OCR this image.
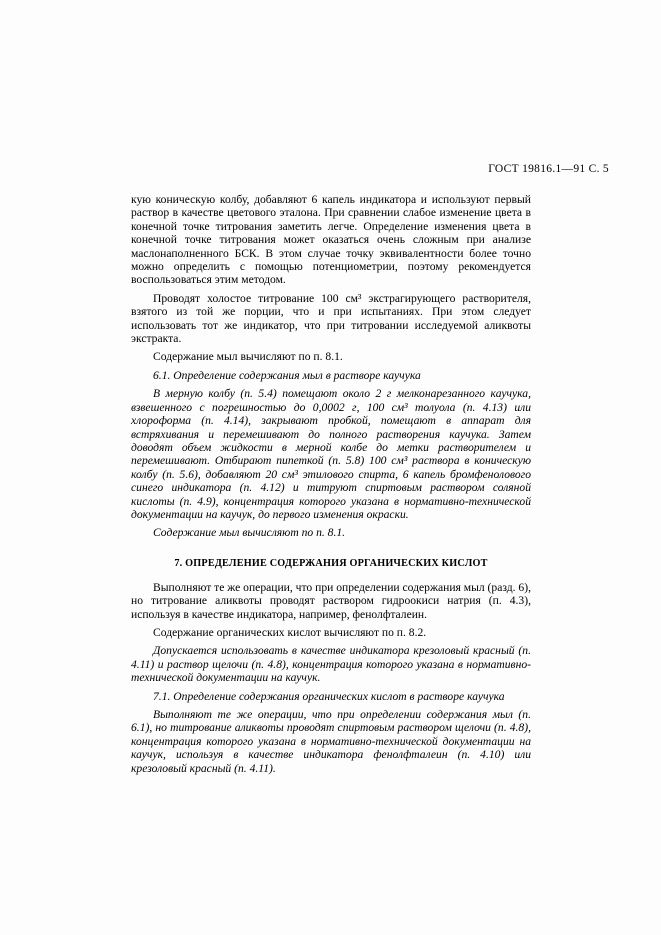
ГОСТ 19816.1—91 С. 5

кую коническую колбу, добавляют 6 капель индикатора и используют первый раствор в качестве цветового эталона. При сравнении слабое изменение цвета в конечной точке титрования заметить легче. Определение изменения цвета в конечной точке титрования может оказаться очень сложным при анализе маслонаполненного БСК. В этом случае точку эквивалентности более точно можно определить с помощью потенциометрии, поэтому рекомендуется воспользоваться этим методом.

Проводят холостое титрование 100 см³ экстрагирующего растворителя, взятого из той же порции, что и при испытаниях. При этом следует использовать тот же индикатор, что при титровании исследуемой аликвоты экстракта.

Содержание мыл вычисляют по п. 8.1.

6.1. Определение содержания мыл в растворе каучука

В мерную колбу (п. 5.4) помещают около 2 г мелконарезанного каучука, взвешенного с погрешностью до 0,0002 г, 100 см³ толуола (п. 4.13) или хлороформа (п. 4.14), закрывают пробкой, помещают в аппарат для встряхивания и перемешивают до полного растворения каучука. Затем доводят объем жидкости в мерной колбе до метки растворителем и перемешивают. Отбирают пипеткой (п. 5.8) 100 см³ раствора в коническую колбу (п. 5.6), добавляют 20 см³ этилового спирта, 6 капель бромфенолового синего индикатора (п. 4.12) и титруют спиртовым раствором соляной кислоты (п. 4.9), концентрация которого указана в нормативно-технической документации на каучук, до первого изменения окраски.

Содержание мыл вычисляют по п. 8.1.

7. ОПРЕДЕЛЕНИЕ СОДЕРЖАНИЯ ОРГАНИЧЕСКИХ КИСЛОТ

Выполняют те же операции, что при определении содержания мыл (разд. 6), но титрование аликвоты проводят раствором гидроокиси натрия (п. 4.3), используя в качестве индикатора, например, фенолфталеин.

Содержание органических кислот вычисляют по п. 8.2.

Допускается использовать в качестве индикатора крезоловый красный (п. 4.11) и раствор щелочи (п. 4.8), концентрация которого указана в нормативно-технической документации на каучук.

7.1. Определение содержания органических кислот в растворе каучука

Выполняют те же операции, что при определении содержания мыл (п. 6.1), но титрование аликвоты проводят спиртовым раствором щелочи (п. 4.8), концентрация которого указана в нормативно-технической документации на каучук, используя в качестве индикатора фенолфталеин (п. 4.10) или крезоловый красный (п. 4.11).
